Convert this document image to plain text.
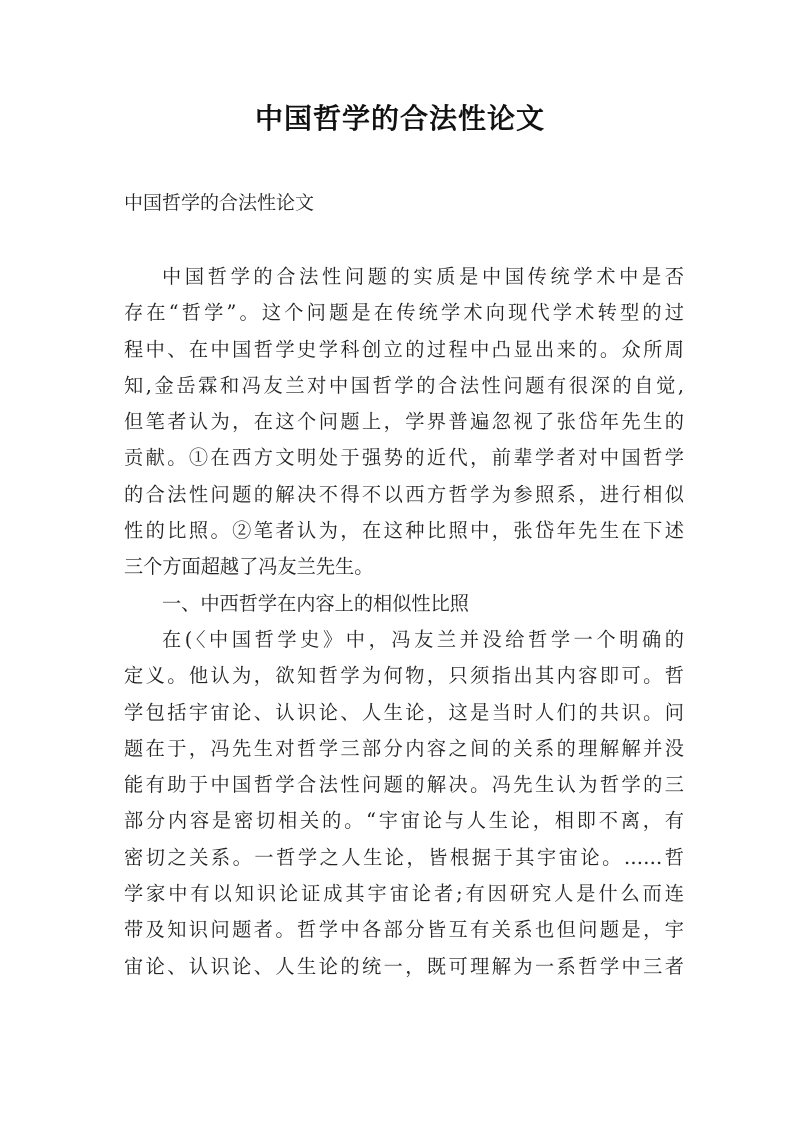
中国哲学的合法性论文
中国哲学的合法性论文
中国哲学的合法性问题的实质是中国传统学术中是否
存在“哲学”。这个问题是在传统学术向现代学术转型的过
程中、在中国哲学史学科创立的过程中凸显出来的。众所周
知,金岳霖和冯友兰对中国哲学的合法性问题有很深的自觉,
但笔者认为，在这个问题上，学界普遍忽视了张岱年先生的
贡献。①在西方文明处于强势的近代，前辈学者对中国哲学
的合法性问题的解决不得不以西方哲学为参照系，进行相似
性的比照。②笔者认为，在这种比照中，张岱年先生在下述
三个方面超越了冯友兰先生。
一、中西哲学在内容上的相似性比照
在(〈中国哲学史》中，冯友兰并没给哲学一个明确的
定义。他认为，欲知哲学为何物，只须指出其内容即可。哲
学包括宇宙论、认识论、人生论，这是当时人们的共识。问
题在于，冯先生对哲学三部分内容之间的关系的理解解并没
能有助于中国哲学合法性问题的解决。冯先生认为哲学的三
部分内容是密切相关的。“宇宙论与人生论，相即不离，有
密切之关系。一哲学之人生论，皆根据于其宇宙论。……哲
学家中有以知识论证成其宇宙论者;有因研究人是什么而连
带及知识问题者。哲学中各部分皆互有关系也但问题是，宇
宙论、认识论、人生论的统一，既可理解为一系哲学中三者
